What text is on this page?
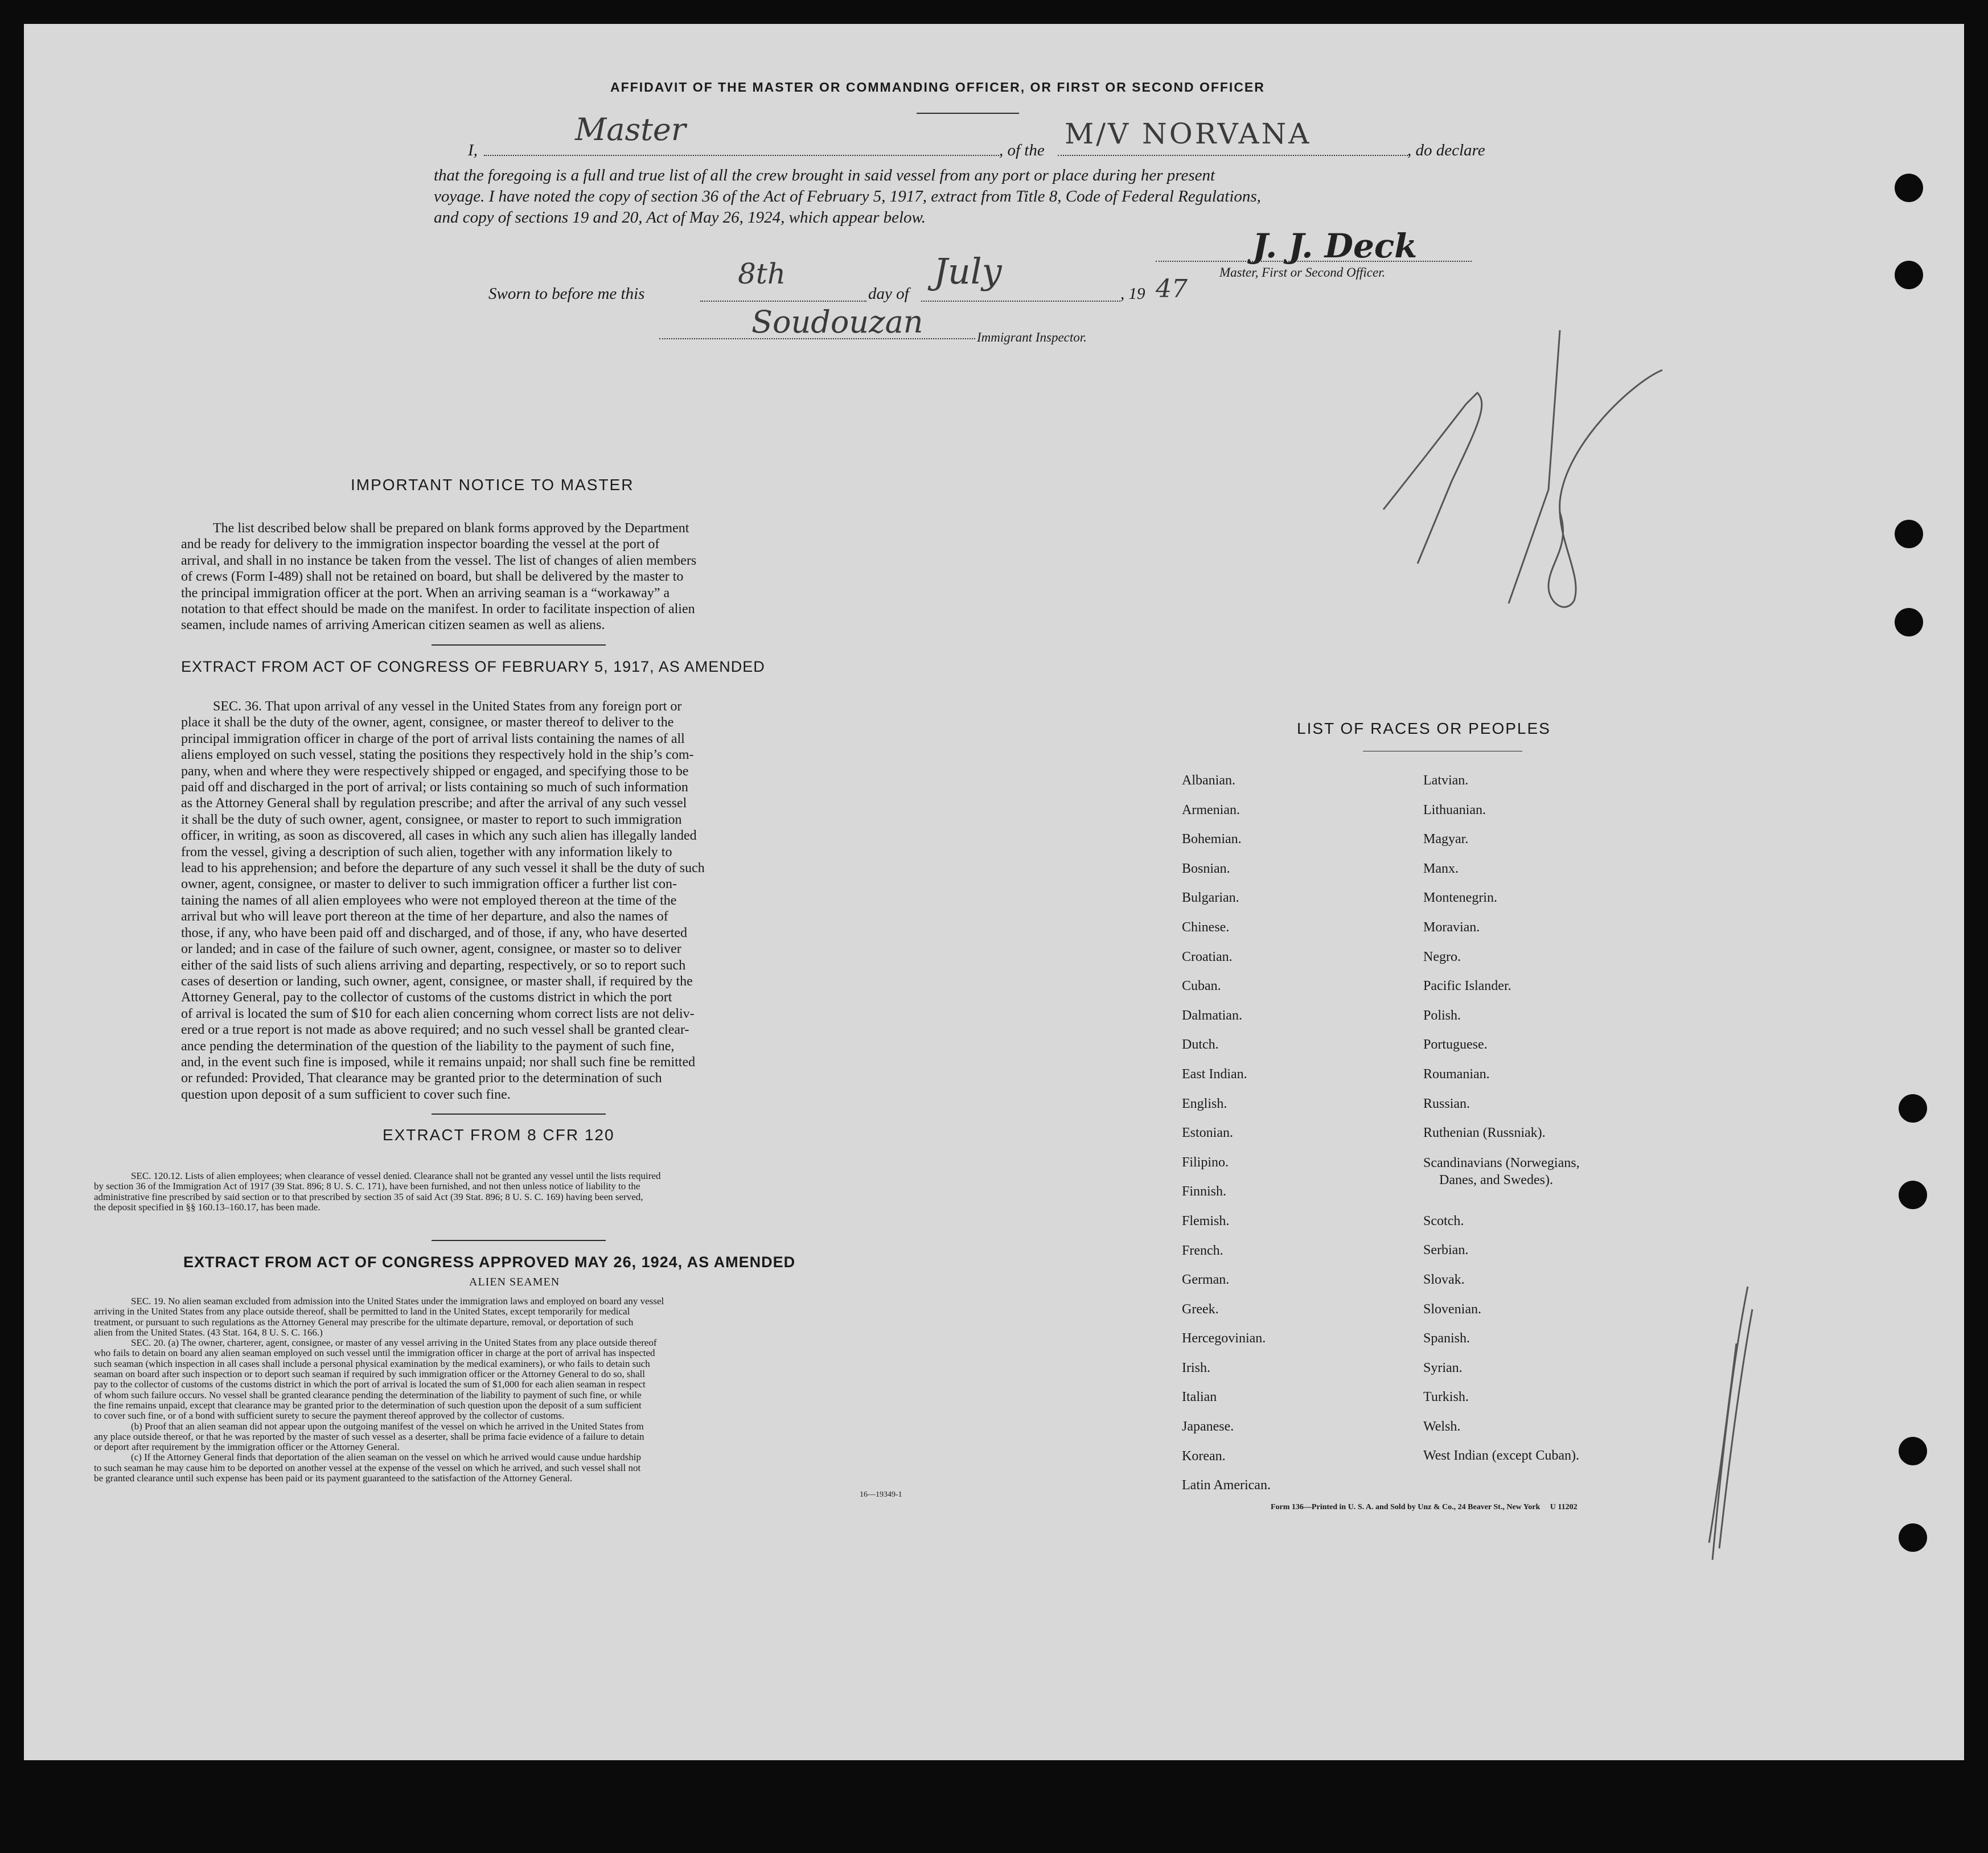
AFFIDAVIT OF THE MASTER OR COMMANDING OFFICER, OR FIRST OR SECOND OFFICER
I,
Master
, of the M/V NORVANA	, do declare
that the foregoing is a full and true list of all the crew brought in said vessel from any port or place during her present
voyage. I have noted the copy of section 36 of the Act of February 5, 1917, extract from Title 8, Code of Federal Regulations,
and copy of sections 19 and 20, Act of May 26, 1924, which appear below.
J. J. Deck
Master, First or Second Officer.
Sworn to before me this
8th
day of
July
, 19 47
Soudouzan	Immigrant Inspector.
IMPORTANT NOTICE TO MASTER
The list described below shall be prepared on blank forms approved by the Department
and be ready for delivery to the immigration inspector boarding the vessel at the port of
arrival, and shall in no instance be taken from the vessel. The list of changes of alien members
of crews (Form I-489) shall not be retained on board, but shall be delivered by the master to
the principal immigration officer at the port. When an arriving seaman is a “workaway” a
notation to that effect should be made on the manifest. In order to facilitate inspection of alien
seamen, include names of arriving American citizen seamen as well as aliens.
EXTRACT FROM ACT OF CONGRESS OF FEBRUARY 5, 1917, AS AMENDED
SEC. 36. That upon arrival of any vessel in the United States from any foreign port or
place it shall be the duty of the owner, agent, consignee, or master thereof to deliver to the
principal immigration officer in charge of the port of arrival lists containing the names of all
aliens employed on such vessel, stating the positions they respectively hold in the ship’s com-
pany, when and where they were respectively shipped or engaged, and specifying those to be
paid off and discharged in the port of arrival; or lists containing so much of such information
as the Attorney General shall by regulation prescribe; and after the arrival of any such vessel
it shall be the duty of such owner, agent, consignee, or master to report to such immigration
officer, in writing, as soon as discovered, all cases in which any such alien has illegally landed
from the vessel, giving a description of such alien, together with any information likely to
lead to his apprehension; and before the departure of any such vessel it shall be the duty of such
owner, agent, consignee, or master to deliver to such immigration officer a further list con-
taining the names of all alien employees who were not employed thereon at the time of the
arrival but who will leave port thereon at the time of her departure, and also the names of
those, if any, who have been paid off and discharged, and of those, if any, who have deserted
or landed; and in case of the failure of such owner, agent, consignee, or master so to deliver
either of the said lists of such aliens arriving and departing, respectively, or so to report such
cases of desertion or landing, such owner, agent, consignee, or master shall, if required by the
Attorney General, pay to the collector of customs of the customs district in which the port
of arrival is located the sum of $10 for each alien concerning whom correct lists are not deliv-
ered or a true report is not made as above required; and no such vessel shall be granted clear-
ance pending the determination of the question of the liability to the payment of such fine,
and, in the event such fine is imposed, while it remains unpaid; nor shall such fine be remitted
or refunded: Provided, That clearance may be granted prior to the determination of such
question upon deposit of a sum sufficient to cover such fine.
EXTRACT FROM 8 CFR 120
SEC. 120.12. Lists of alien employees; when clearance of vessel denied. Clearance shall not be granted any vessel until the lists required
by section 36 of the Immigration Act of 1917 (39 Stat. 896; 8 U. S. C. 171), have been furnished, and not then unless notice of liability to the
administrative fine prescribed by said section or to that prescribed by section 35 of said Act (39 Stat. 896; 8 U. S. C. 169) having been served,
the deposit specified in §§ 160.13–160.17, has been made.
EXTRACT FROM ACT OF CONGRESS APPROVED MAY 26, 1924, AS AMENDED
ALIEN SEAMEN
SEC. 19. No alien seaman excluded from admission into the United States under the immigration laws and employed on board any vessel
arriving in the United States from any place outside thereof, shall be permitted to land in the United States, except temporarily for medical
treatment, or pursuant to such regulations as the Attorney General may prescribe for the ultimate departure, removal, or deportation of such
alien from the United States. (43 Stat. 164, 8 U. S. C. 166.)
SEC. 20. (a) The owner, charterer, agent, consignee, or master of any vessel arriving in the United States from any place outside thereof
who fails to detain on board any alien seaman employed on such vessel until the immigration officer in charge at the port of arrival has inspected
such seaman (which inspection in all cases shall include a personal physical examination by the medical examiners), or who fails to detain such
seaman on board after such inspection or to deport such seaman if required by such immigration officer or the Attorney General to do so, shall
pay to the collector of customs of the customs district in which the port of arrival is located the sum of $1,000 for each alien seaman in respect
of whom such failure occurs. No vessel shall be granted clearance pending the determination of the liability to payment of such fine, or while
the fine remains unpaid, except that clearance may be granted prior to the determination of such question upon the deposit of a sum sufficient
to cover such fine, or of a bond with sufficient surety to secure the payment thereof approved by the collector of customs.
(b) Proof that an alien seaman did not appear upon the outgoing manifest of the vessel on which he arrived in the United States from
any place outside thereof, or that he was reported by the master of such vessel as a deserter, shall be prima facie evidence of a failure to detain
or deport after requirement by the immigration officer or the Attorney General.
(c) If the Attorney General finds that deportation of the alien seaman on the vessel on which he arrived would cause undue hardship
to such seaman he may cause him to be deported on another vessel at the expense of the vessel on which he arrived, and such vessel shall not
be granted clearance until such expense has been paid or its payment guaranteed to the satisfaction of the Attorney General.
16—19349-1
LIST OF RACES OR PEOPLES
Albanian.
Armenian.
Bohemian.
Bosnian.
Bulgarian.
Chinese.
Croatian.
Cuban.
Dalmatian.
Dutch.
East Indian.
English.
Estonian.
Filipino.
Finnish.
Flemish.
French.
German.
Greek.
Hercegovinian.
Irish.
Italian
Japanese.
Korean.
Latin American.
Latvian.
Lithuanian.
Magyar.
Manx.
Montenegrin.
Moravian.
Negro.
Pacific Islander.
Polish.
Portuguese.
Roumanian.
Russian.
Ruthenian (Russniak).
Scandinavians (Norwegians,
Danes, and Swedes).
Scotch.
Serbian.
Slovak.
Slovenian.
Spanish.
Syrian.
Turkish.
Welsh.
West Indian (except Cuban).
Form 136—Printed in U. S. A. and Sold by Unz & Co., 24 Beaver St., New York U 11202
